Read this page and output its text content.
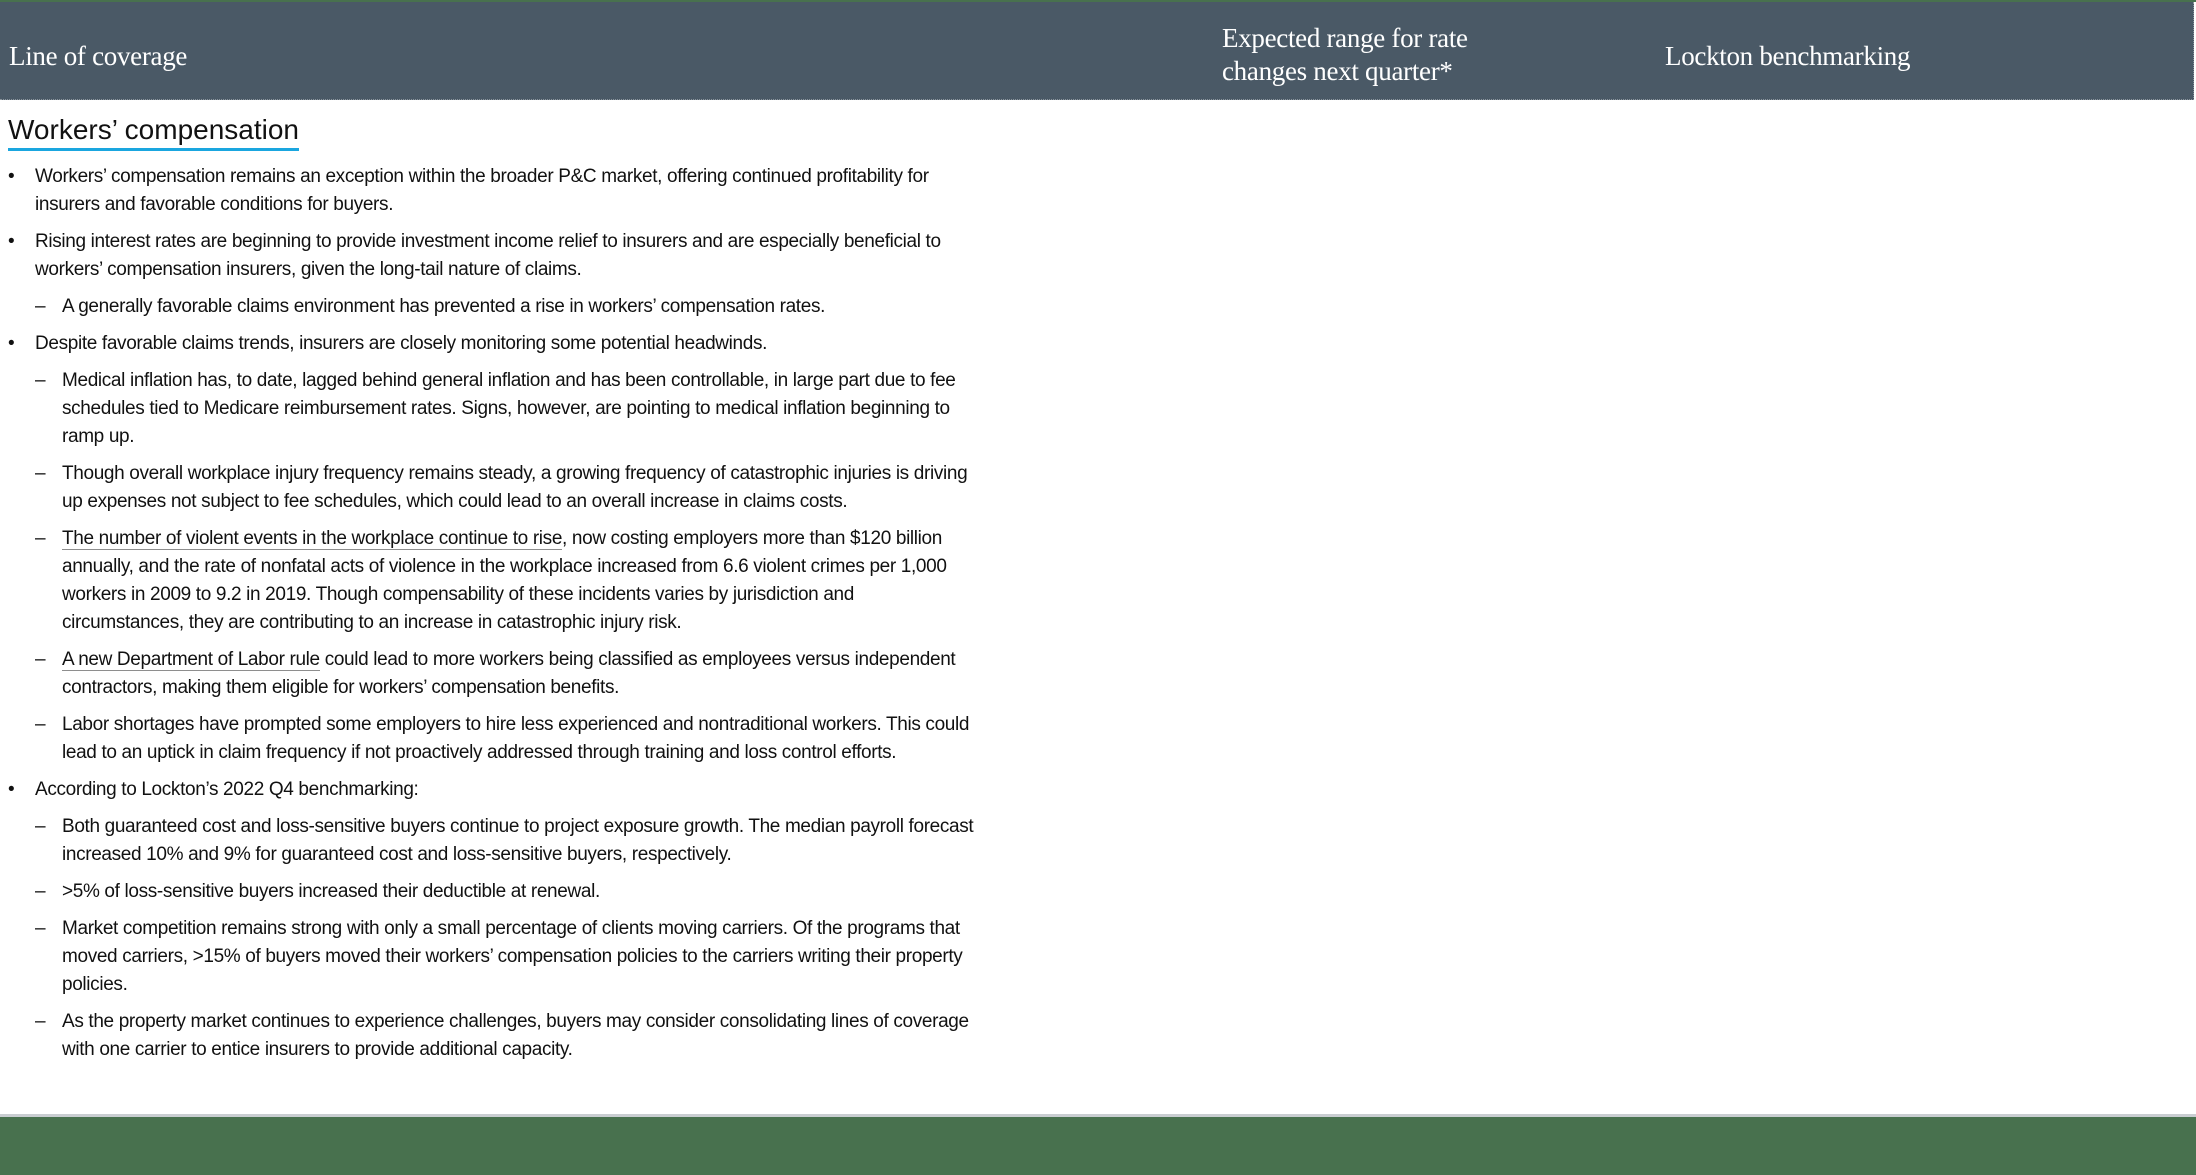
Line of coverage
Expected range for rate changes next quarter*	Lockton benchmarking
Workers’ compensation
• Workers’ compensation remains an exception within the broader P&C market, offering continued profitability for insurers and favorable conditions for buyers.
• Rising interest rates are beginning to provide investment income relief to insurers and are especially beneficial to workers’ compensation insurers, given the long-tail nature of claims.
– A generally favorable claims environment has prevented a rise in workers’ compensation rates.
• Despite favorable claims trends, insurers are closely monitoring some potential headwinds.
– Medical inflation has, to date, lagged behind general inflation and has been controllable, in large part due to fee schedules tied to Medicare reimbursement rates. Signs, however, are pointing to medical inflation beginning to ramp up.
– Though overall workplace injury frequency remains steady, a growing frequency of catastrophic injuries is driving up expenses not subject to fee schedules, which could lead to an overall increase in claims costs.
– The number of violent events in the workplace continue to rise, now costing employers more than $120 billion annually, and the rate of nonfatal acts of violence in the workplace increased from 6.6 violent crimes per 1,000 workers in 2009 to 9.2 in 2019. Though compensability of these incidents varies by jurisdiction and circumstances, they are contributing to an increase in catastrophic injury risk.
– A new Department of Labor rule could lead to more workers being classified as employees versus independent contractors, making them eligible for workers’ compensation benefits.
– Labor shortages have prompted some employers to hire less experienced and nontraditional workers. This could lead to an uptick in claim frequency if not proactively addressed through training and loss control efforts.
• According to Lockton’s 2022 Q4 benchmarking:
– Both guaranteed cost and loss-sensitive buyers continue to project exposure growth. The median payroll forecast increased 10% and 9% for guaranteed cost and loss-sensitive buyers, respectively.
– >5% of loss-sensitive buyers increased their deductible at renewal.
– Market competition remains strong with only a small percentage of clients moving carriers. Of the programs that moved carriers, >15% of buyers moved their workers’ compensation policies to the carriers writing their property policies.
– As the property market continues to experience challenges, buyers may consider consolidating lines of coverage with one carrier to entice insurers to provide additional capacity.
